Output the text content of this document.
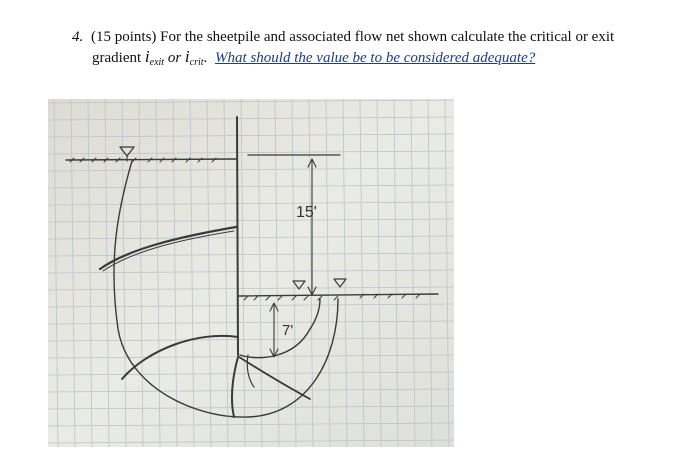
4. (15 points) For the sheetpile and associated flow net shown calculate the critical or exit
gradient $i_{exit}$ or $i_{crit}$. What should the value be to be considered adequate?
15'
7'
